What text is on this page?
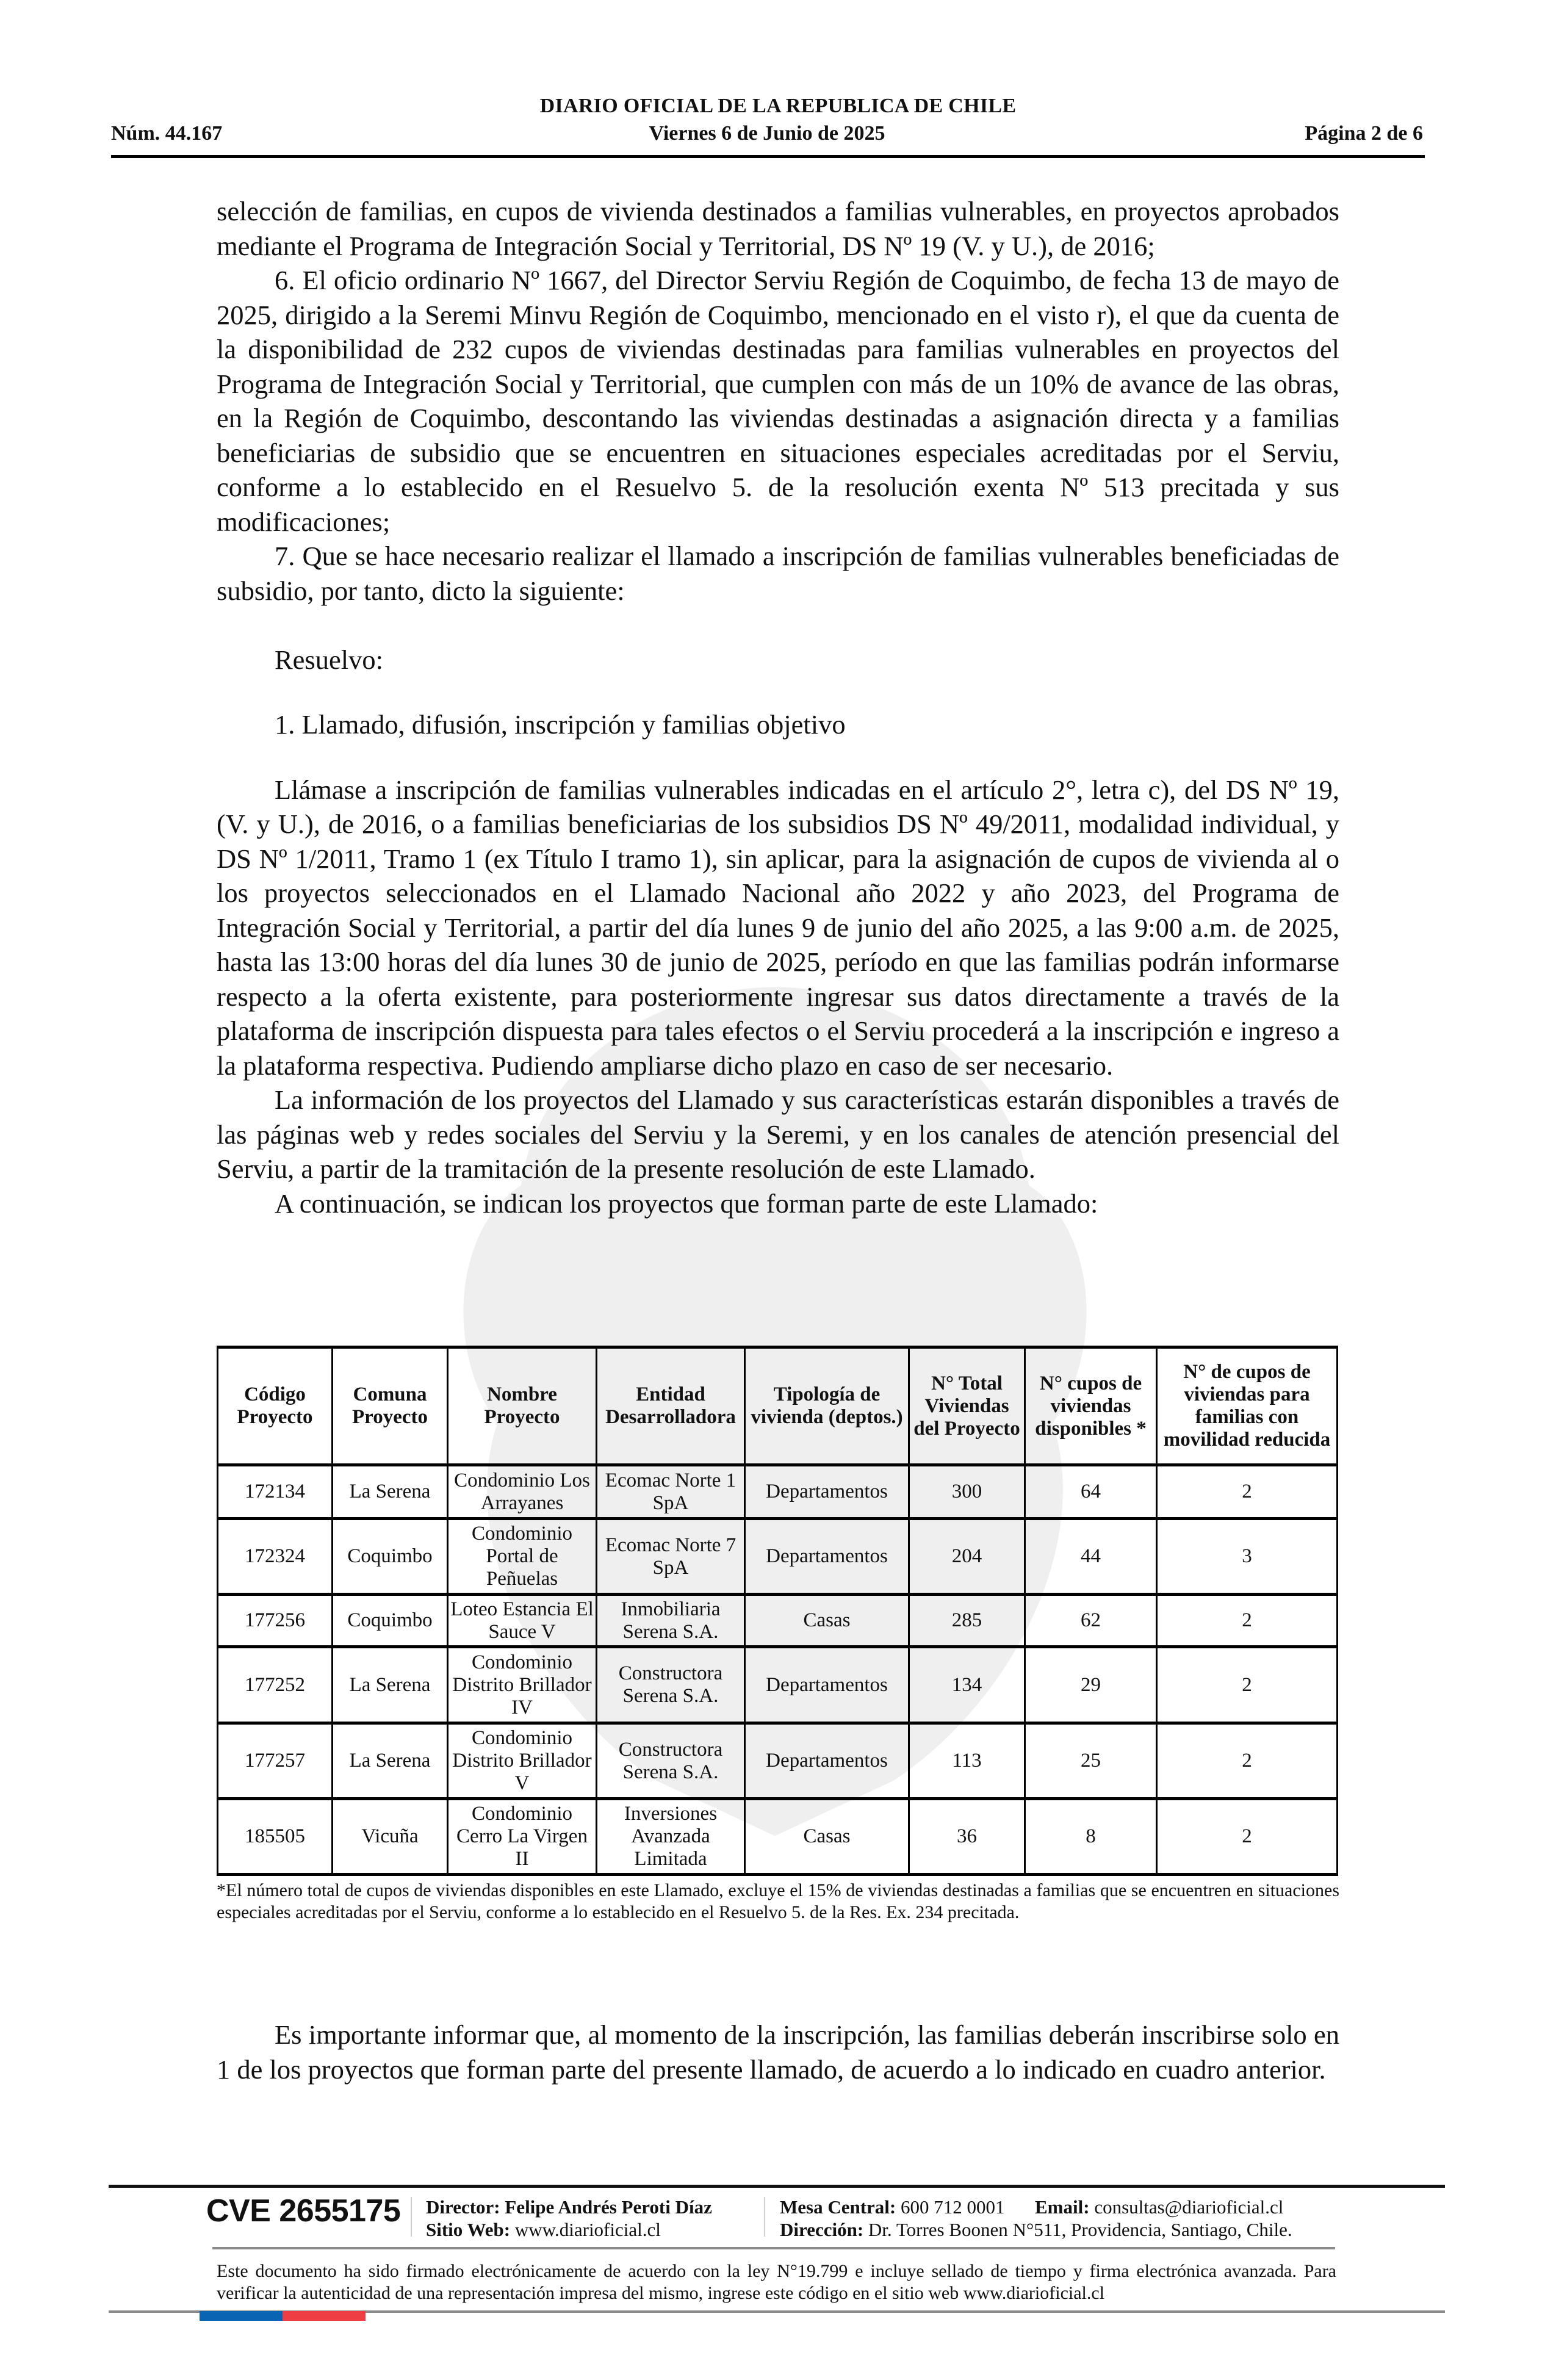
DIARIO OFICIAL DE LA REPUBLICA DE CHILE
Núm. 44.167	Viernes 6 de Junio de 2025	Página 2 de 6

selección de familias, en cupos de vivienda destinados a familias vulnerables, en proyectos aprobados mediante el Programa de Integración Social y Territorial, DS Nº 19 (V. y U.), de 2016;

6. El oficio ordinario Nº 1667, del Director Serviu Región de Coquimbo, de fecha 13 de mayo de 2025, dirigido a la Seremi Minvu Región de Coquimbo, mencionado en el visto r), el que da cuenta de la disponibilidad de 232 cupos de viviendas destinadas para familias vulnerables en proyectos del Programa de Integración Social y Territorial, que cumplen con más de un 10% de avance de las obras, en la Región de Coquimbo, descontando las viviendas destinadas a asignación directa y a familias beneficiarias de subsidio que se encuentren en situaciones especiales acreditadas por el Serviu, conforme a lo establecido en el Resuelvo 5. de la resolución exenta Nº 513 precitada y sus modificaciones;

7. Que se hace necesario realizar el llamado a inscripción de familias vulnerables beneficiadas de subsidio, por tanto, dicto la siguiente:

Resuelvo:

1. Llamado, difusión, inscripción y familias objetivo

Llámase a inscripción de familias vulnerables indicadas en el artículo 2°, letra c), del DS Nº 19, (V. y U.), de 2016, o a familias beneficiarias de los subsidios DS Nº 49/2011, modalidad individual, y DS Nº 1/2011, Tramo 1 (ex Título I tramo 1), sin aplicar, para la asignación de cupos de vivienda al o los proyectos seleccionados en el Llamado Nacional año 2022 y año 2023, del Programa de Integración Social y Territorial, a partir del día lunes 9 de junio del año 2025, a las 9:00 a.m. de 2025, hasta las 13:00 horas del día lunes 30 de junio de 2025, período en que las familias podrán informarse respecto a la oferta existente, para posteriormente ingresar sus datos directamente a través de la plataforma de inscripción dispuesta para tales efectos o el Serviu procederá a la inscripción e ingreso a la plataforma respectiva. Pudiendo ampliarse dicho plazo en caso de ser necesario.

La información de los proyectos del Llamado y sus características estarán disponibles a través de las páginas web y redes sociales del Serviu y la Seremi, y en los canales de atención presencial del Serviu, a partir de la tramitación de la presente resolución de este Llamado.

A continuación, se indican los proyectos que forman parte de este Llamado:

Código Proyecto	Comuna Proyecto	Nombre Proyecto	Entidad Desarrolladora	Tipología de vivienda (deptos.)	N° Total Viviendas del Proyecto	N° cupos de viviendas disponibles *	N° de cupos de viviendas para familias con movilidad reducida
172134	La Serena	Condominio Los Arrayanes	Ecomac Norte 1 SpA	Departamentos	300	64	2
172324	Coquimbo	Condominio Portal de Peñuelas	Ecomac Norte 7 SpA	Departamentos	204	44	3
177256	Coquimbo	Loteo Estancia El Sauce V	Inmobiliaria Serena S.A.	Casas	285	62	2
177252	La Serena	Condominio Distrito Brillador IV	Constructora Serena S.A.	Departamentos	134	29	2
177257	La Serena	Condominio Distrito Brillador V	Constructora Serena S.A.	Departamentos	113	25	2
185505	Vicuña	Condominio Cerro La Virgen II	Inversiones Avanzada Limitada	Casas	36	8	2
*El número total de cupos de viviendas disponibles en este Llamado, excluye el 15% de viviendas destinadas a familias que se encuentren en situaciones especiales acreditadas por el Serviu, conforme a lo establecido en el Resuelvo 5. de la Res. Ex. 234 precitada.

Es importante informar que, al momento de la inscripción, las familias deberán inscribirse solo en 1 de los proyectos que forman parte del presente llamado, de acuerdo a lo indicado en cuadro anterior.

CVE 2655175 Director: Felipe Andrés Peroti Díaz
Sitio Web: www.diarioficial.cl
Mesa Central: 600 712 0001 Email: consultas@diarioficial.cl
Dirección: Dr. Torres Boonen N°511, Providencia, Santiago, Chile.
Este documento ha sido firmado electrónicamente de acuerdo con la ley N°19.799 e incluye sellado de tiempo y firma electrónica avanzada. Para verificar la autenticidad de una representación impresa del mismo, ingrese este código en el sitio web www.diarioficial.cl
